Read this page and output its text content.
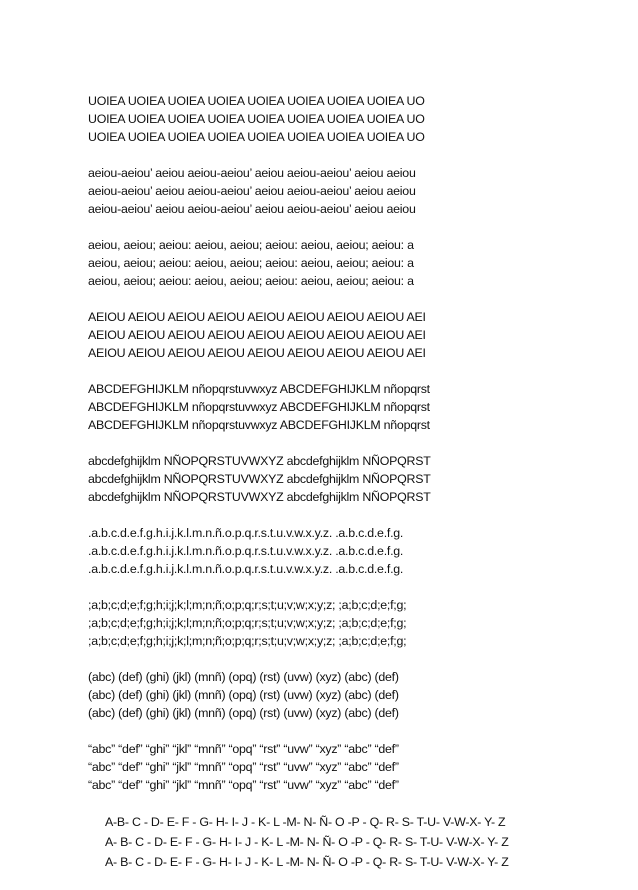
UOIEA UOIEA UOIEA UOIEA UOIEA UOIEA UOIEA UOIEA UO
UOIEA UOIEA UOIEA UOIEA UOIEA UOIEA UOIEA UOIEA UO
UOIEA UOIEA UOIEA UOIEA UOIEA UOIEA UOIEA UOIEA UO
aeiou-aeiou’ aeiou aeiou-aeiou’ aeiou aeiou-aeiou’ aeiou aeiou
aeiou-aeiou’ aeiou aeiou-aeiou’ aeiou aeiou-aeiou’ aeiou aeiou
aeiou-aeiou’ aeiou aeiou-aeiou’ aeiou aeiou-aeiou’ aeiou aeiou
aeiou, aeiou; aeiou: aeiou, aeiou; aeiou: aeiou, aeiou; aeiou: a
aeiou, aeiou; aeiou: aeiou, aeiou; aeiou: aeiou, aeiou; aeiou: a
aeiou, aeiou; aeiou: aeiou, aeiou; aeiou: aeiou, aeiou; aeiou: a
AEIOU AEIOU AEIOU AEIOU AEIOU AEIOU AEIOU AEIOU AEI
AEIOU AEIOU AEIOU AEIOU AEIOU AEIOU AEIOU AEIOU AEI
AEIOU AEIOU AEIOU AEIOU AEIOU AEIOU AEIOU AEIOU AEI
ABCDEFGHIJKLM nñopqrstuvwxyz ABCDEFGHIJKLM nñopqrst
ABCDEFGHIJKLM nñopqrstuvwxyz ABCDEFGHIJKLM nñopqrst
ABCDEFGHIJKLM nñopqrstuvwxyz ABCDEFGHIJKLM nñopqrst
abcdefghijklm NÑOPQRSTUVWXYZ abcdefghijklm NÑOPQRST
abcdefghijklm NÑOPQRSTUVWXYZ abcdefghijklm NÑOPQRST
abcdefghijklm NÑOPQRSTUVWXYZ abcdefghijklm NÑOPQRST
.a.b.c.d.e.f.g.h.i.j.k.l.m.n.ñ.o.p.q.r.s.t.u.v.w.x.y.z. .a.b.c.d.e.f.g.
.a.b.c.d.e.f.g.h.i.j.k.l.m.n.ñ.o.p.q.r.s.t.u.v.w.x.y.z. .a.b.c.d.e.f.g.
.a.b.c.d.e.f.g.h.i.j.k.l.m.n.ñ.o.p.q.r.s.t.u.v.w.x.y.z. .a.b.c.d.e.f.g.
;a;b;c;d;e;f;g;h;i;j;k;l;m;n;ñ;o;p;q;r;s;t;u;v;w;x;y;z; ;a;b;c;d;e;f;g;
;a;b;c;d;e;f;g;h;i;j;k;l;m;n;ñ;o;p;q;r;s;t;u;v;w;x;y;z; ;a;b;c;d;e;f;g;
;a;b;c;d;e;f;g;h;i;j;k;l;m;n;ñ;o;p;q;r;s;t;u;v;w;x;y;z; ;a;b;c;d;e;f;g;
(abc) (def) (ghi) (jkl) (mnñ) (opq) (rst) (uvw) (xyz) (abc) (def)
(abc) (def) (ghi) (jkl) (mnñ) (opq) (rst) (uvw) (xyz) (abc) (def)
(abc) (def) (ghi) (jkl) (mnñ) (opq) (rst) (uvw) (xyz) (abc) (def)
“abc” “def” “ghi” “jkl” “mnñ” “opq” “rst” “uvw” “xyz” “abc” “def”
“abc” “def” “ghi” “jkl” “mnñ” “opq” “rst” “uvw” “xyz” “abc” “def”
“abc” “def” “ghi” “jkl” “mnñ” “opq” “rst” “uvw” “xyz” “abc” “def”
A-B- C - D- E- F - G- H- I- J - K- L -M- N- Ñ- O -P - Q- R- S- T-U- V-W-X- Y- Z
A- B- C - D- E- F - G- H- I- J - K- L -M- N- Ñ- O -P - Q- R- S- T-U- V-W-X- Y- Z
A- B- C - D- E- F - G- H- I- J - K- L -M- N- Ñ- O -P - Q- R- S- T-U- V-W-X- Y- Z
